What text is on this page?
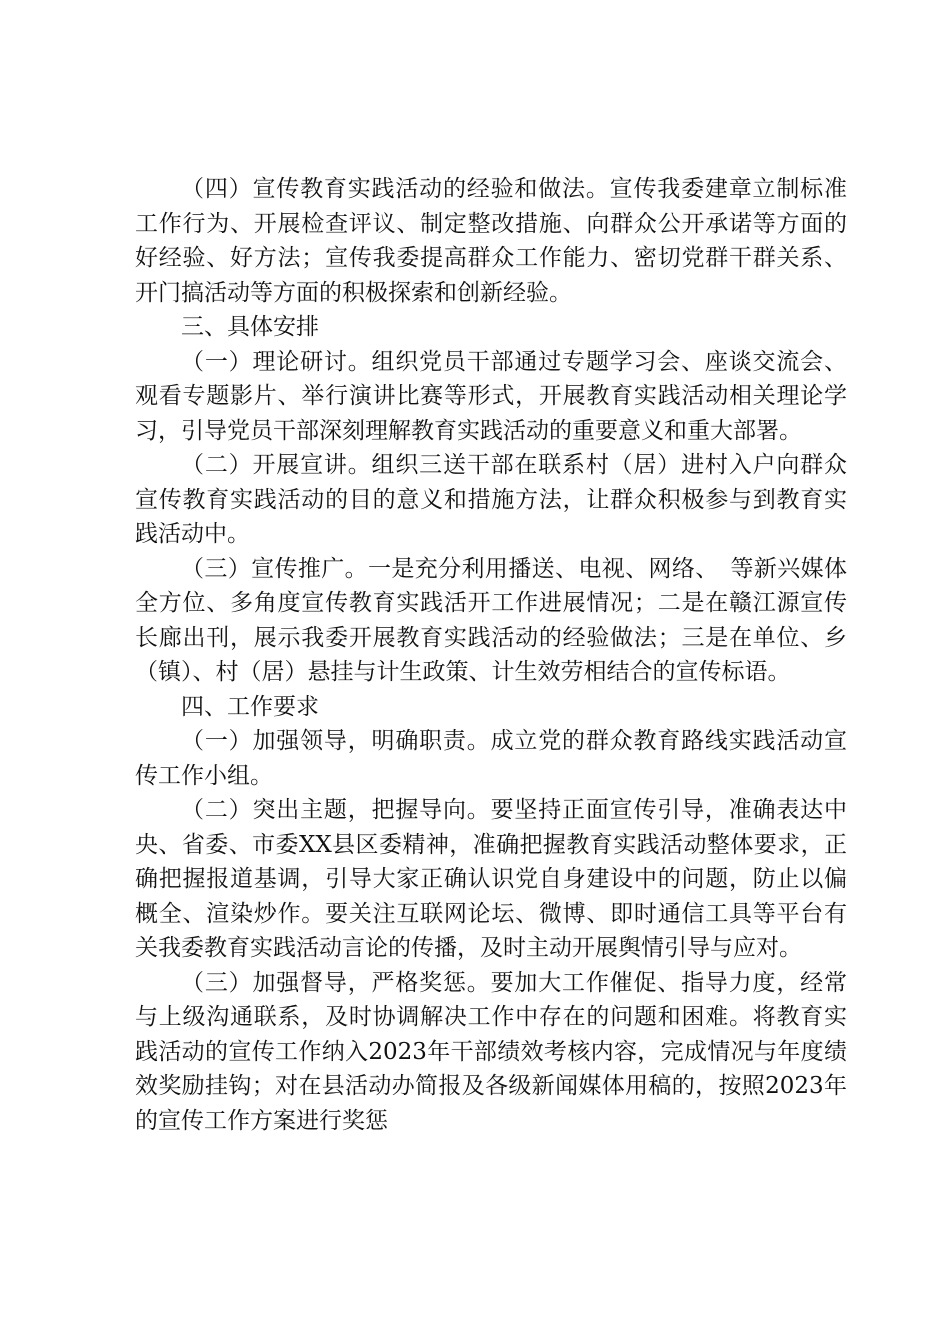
（四）宣传教育实践活动的经验和做法。宣传我委建章立制标准工作行为、开展检查评议、制定整改措施、向群众公开承诺等方面的好经验、好方法；宣传我委提高群众工作能力、密切党群干群关系、开门搞活动等方面的积极探索和创新经验。

三、具体安排

（一）理论研讨。组织党员干部通过专题学习会、座谈交流会、观看专题影片、举行演讲比赛等形式，开展教育实践活动相关理论学习，引导党员干部深刻理解教育实践活动的重要意义和重大部署。

（二）开展宣讲。组织三送干部在联系村（居）进村入户向群众宣传教育实践活动的目的意义和措施方法，让群众积极参与到教育实践活动中。

（三）宣传推广。一是充分利用播送、电视、网络、　等新兴媒体全方位、多角度宣传教育实践活开工作进展情况；二是在赣江源宣传长廊出刊，展示我委开展教育实践活动的经验做法；三是在单位、乡（镇）、村（居）悬挂与计生政策、计生效劳相结合的宣传标语。

四、工作要求

（一）加强领导，明确职责。成立党的群众教育路线实践活动宣传工作小组。

（二）突出主题，把握导向。要坚持正面宣传引导，准确表达中央、省委、市委XX县区委精神，准确把握教育实践活动整体要求，正确把握报道基调，引导大家正确认识党自身建设中的问题，防止以偏概全、渲染炒作。要关注互联网论坛、微博、即时通信工具等平台有关我委教育实践活动言论的传播，及时主动开展舆情引导与应对。

（三）加强督导，严格奖惩。要加大工作催促、指导力度，经常与上级沟通联系，及时协调解决工作中存在的问题和困难。将教育实践活动的宣传工作纳入2023年干部绩效考核内容，完成情况与年度绩效奖励挂钩；对在县活动办简报及各级新闻媒体用稿的，按照2023年的宣传工作方案进行奖惩
